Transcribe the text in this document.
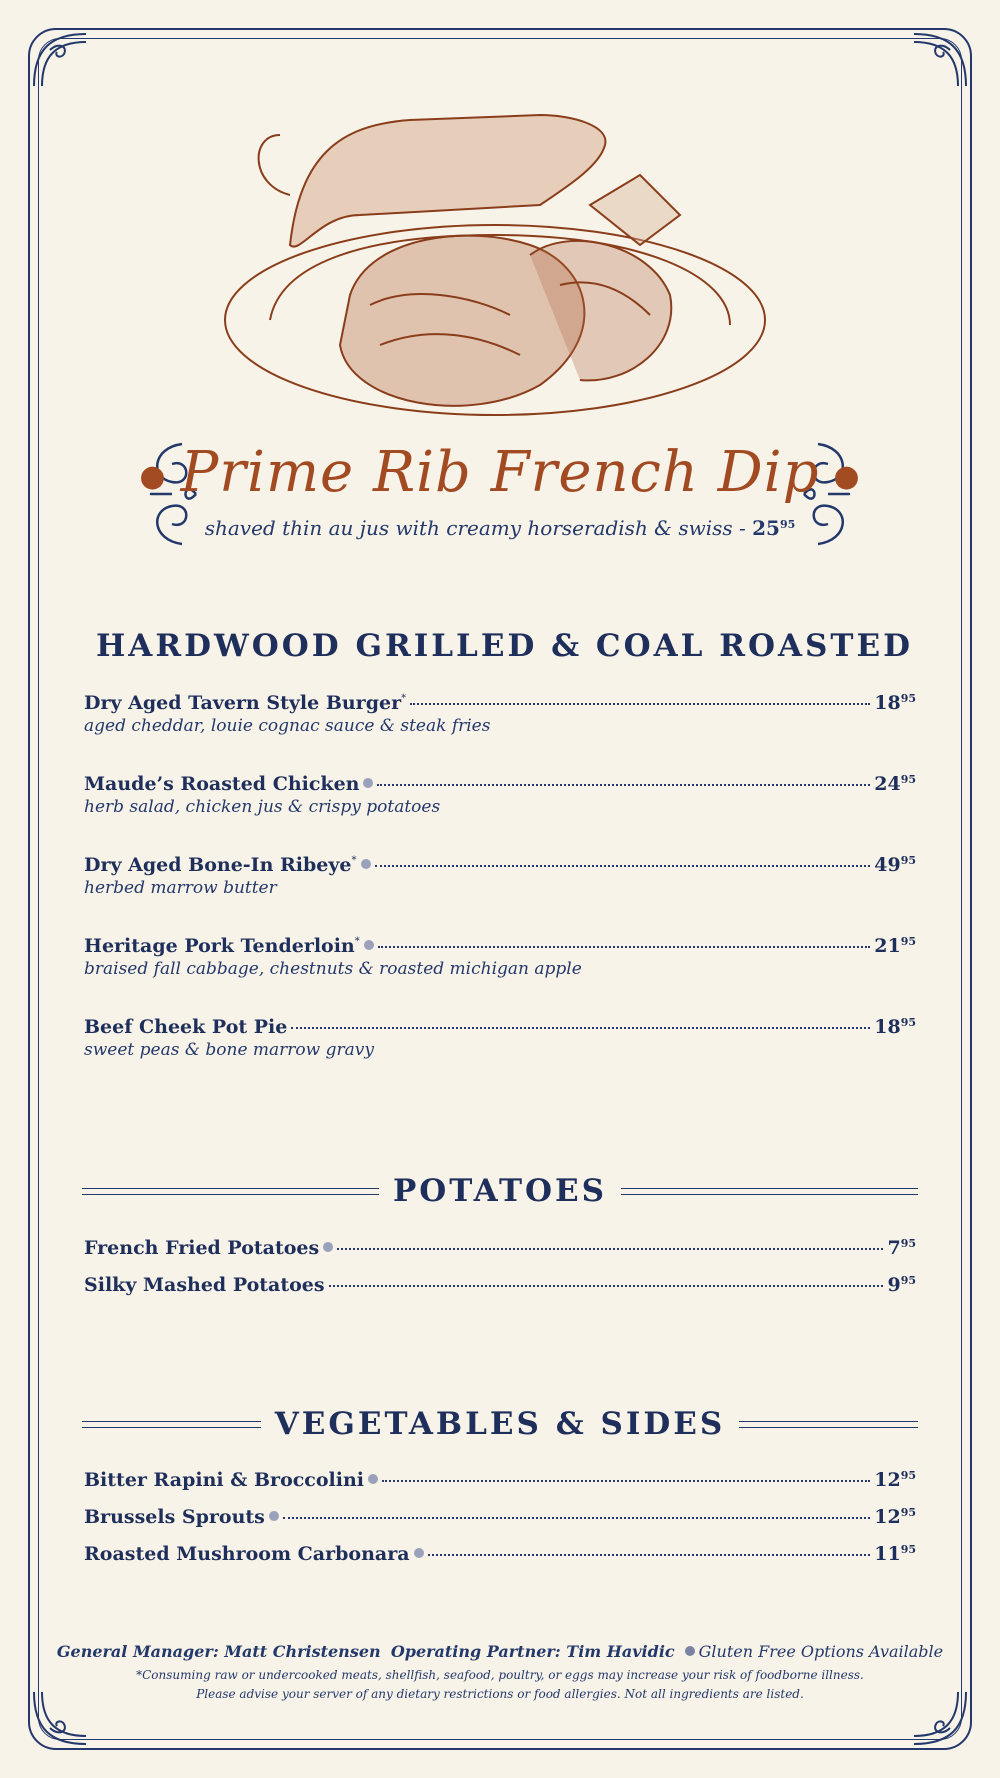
● Prime Rib French Dip ●
shaved thin au jus with creamy horseradish & swiss - $25^{95}$
HARDWOOD GRILLED & COAL ROASTED
Dry Aged Tavern Style Burger*	$18^{95}$
aged cheddar, louie cognac sauce & steak fries
Maude’s Roasted Chicken	$24^{95}$
herb salad, chicken jus & crispy potatoes
Dry Aged Bone-In Ribeye*	$49^{95}$
herbed marrow butter
Heritage Pork Tenderloin*	$21^{95}$
braised fall cabbage, chestnuts & roasted michigan apple
Beef Cheek Pot Pie	$18^{95}$
sweet peas & bone marrow gravy
POTATOES
French Fried Potatoes	$7^{95}$
Silky Mashed Potatoes	$9^{95}$
VEGETABLES & SIDES
Bitter Rapini & Broccolini	$12^{95}$
Brussels Sprouts	$12^{95}$
Roasted Mushroom Carbonara	$11^{95}$
General Manager: Matt Christensen Operating Partner: Tim Havidic Gluten Free Options Available
*Consuming raw or undercooked meats, shellfish, seafood, poultry, or eggs may increase your risk of foodborne illness.
Please advise your server of any dietary restrictions or food allergies. Not all ingredients are listed.
